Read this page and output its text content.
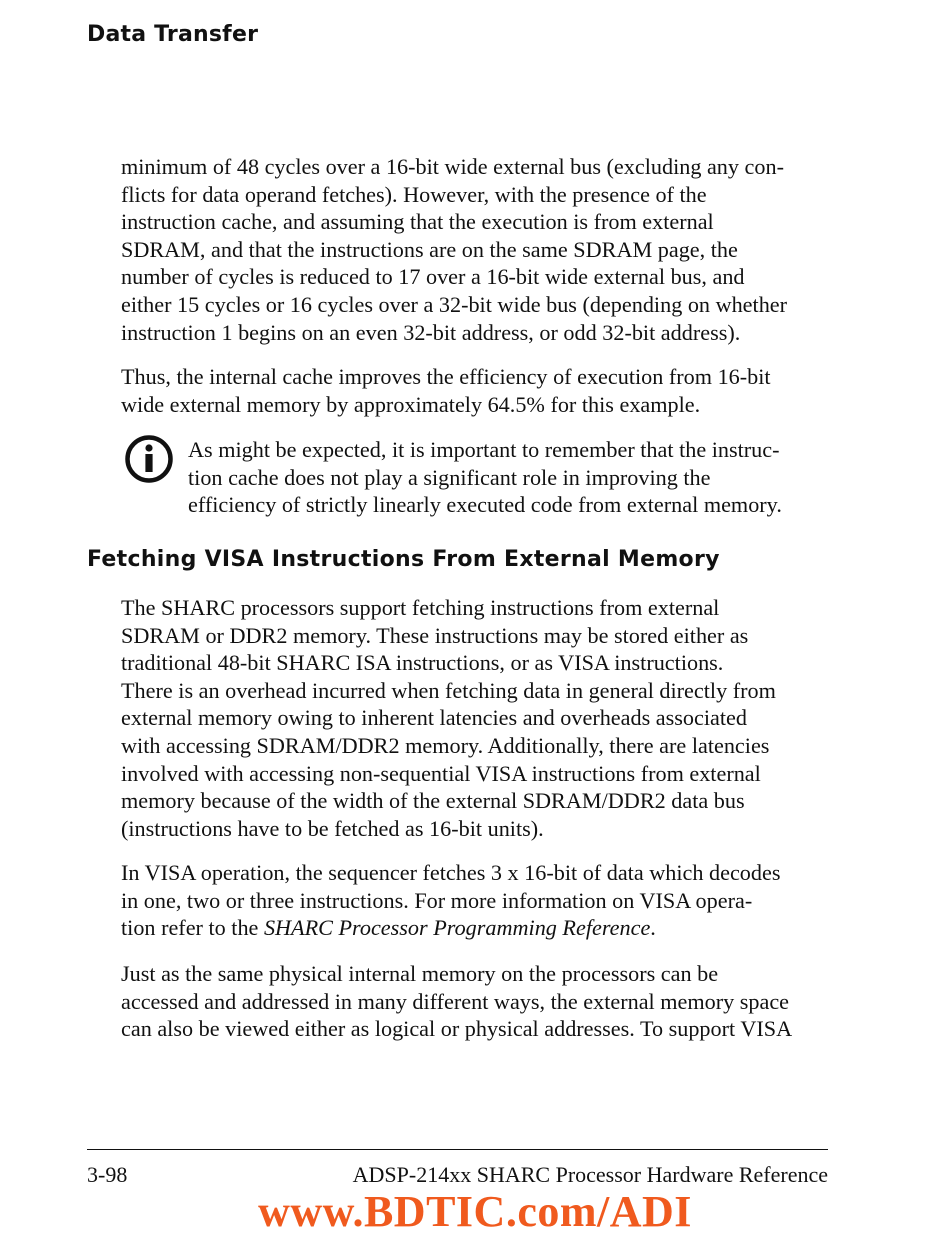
Data Transfer

minimum of 48 cycles over a 16-bit wide external bus (excluding any con-
flicts for data operand fetches). However, with the presence of the
instruction cache, and assuming that the execution is from external
SDRAM, and that the instructions are on the same SDRAM page, the
number of cycles is reduced to 17 over a 16-bit wide external bus, and
either 15 cycles or 16 cycles over a 32-bit wide bus (depending on whether
instruction 1 begins on an even 32-bit address, or odd 32-bit address).

Thus, the internal cache improves the efficiency of execution from 16-bit
wide external memory by approximately 64.5% for this example.

As might be expected, it is important to remember that the instruc-
tion cache does not play a significant role in improving the
efficiency of strictly linearly executed code from external memory.

Fetching VISA Instructions From External Memory

The SHARC processors support fetching instructions from external
SDRAM or DDR2 memory. These instructions may be stored either as
traditional 48-bit SHARC ISA instructions, or as VISA instructions.
There is an overhead incurred when fetching data in general directly from
external memory owing to inherent latencies and overheads associated
with accessing SDRAM/DDR2 memory. Additionally, there are latencies
involved with accessing non-sequential VISA instructions from external
memory because of the width of the external SDRAM/DDR2 data bus
(instructions have to be fetched as 16-bit units).

In VISA operation, the sequencer fetches 3 x 16-bit of data which decodes
in one, two or three instructions. For more information on VISA opera-
tion refer to the SHARC Processor Programming Reference.

Just as the same physical internal memory on the processors can be
accessed and addressed in many different ways, the external memory space
can also be viewed either as logical or physical addresses. To support VISA

3-98	ADSP-214xx SHARC Processor Hardware Reference

www.BDTIC.com/ADI
